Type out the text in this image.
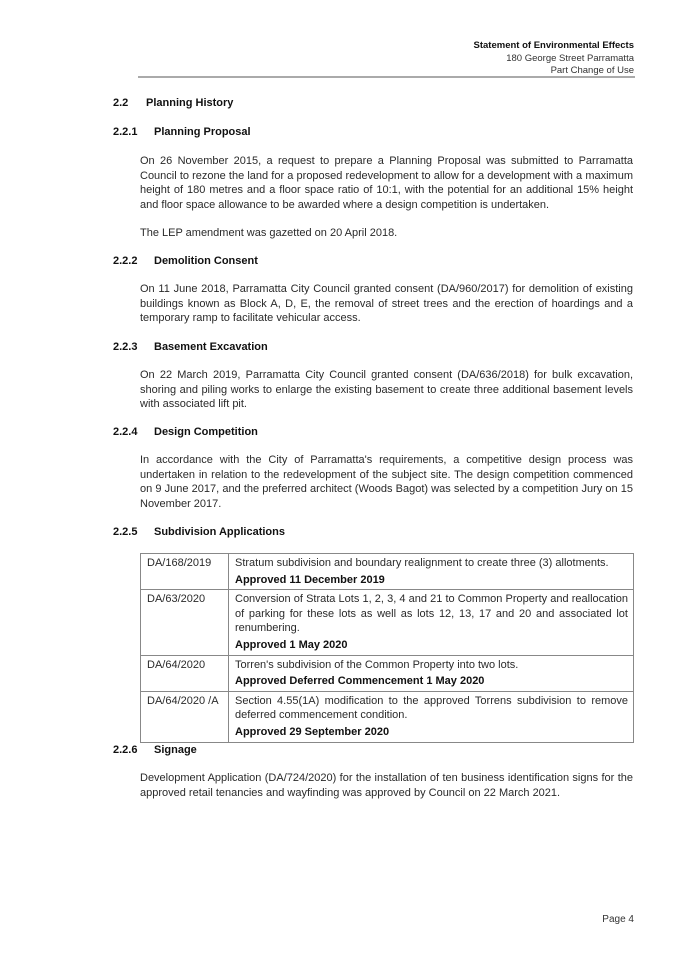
Statement of Environmental Effects
180 George Street Parramatta
Part Change of Use
2.2 Planning History
2.2.1 Planning Proposal
On 26 November 2015, a request to prepare a Planning Proposal was submitted to Parramatta Council to rezone the land for a proposed redevelopment to allow for a development with a maximum height of 180 metres and a floor space ratio of 10:1, with the potential for an additional 15% height and floor space allowance to be awarded where a design competition is undertaken.
The LEP amendment was gazetted on 20 April 2018.
2.2.2 Demolition Consent
On 11 June 2018, Parramatta City Council granted consent (DA/960/2017) for demolition of existing buildings known as Block A, D, E, the removal of street trees and the erection of hoardings and a temporary ramp to facilitate vehicular access.
2.2.3 Basement Excavation
On 22 March 2019, Parramatta City Council granted consent (DA/636/2018) for bulk excavation, shoring and piling works to enlarge the existing basement to create three additional basement levels with associated lift pit.
2.2.4 Design Competition
In accordance with the City of Parramatta's requirements, a competitive design process was undertaken in relation to the redevelopment of the subject site. The design competition commenced on 9 June 2017, and the preferred architect (Woods Bagot) was selected by a competition Jury on 15 November 2017.
2.2.5 Subdivision Applications
DA/168/2019	Stratum subdivision and boundary realignment to create three (3) allotments.
Approved 11 December 2019

DA/63/2020	Conversion of Strata Lots 1, 2, 3, 4 and 21 to Common Property and reallocation of parking for these lots as well as lots 12, 13, 17 and 20 and associated lot renumbering.
Approved 1 May 2020

DA/64/2020	Torren's subdivision of the Common Property into two lots.
Approved Deferred Commencement 1 May 2020

DA/64/2020 /A	Section 4.55(1A) modification to the approved Torrens subdivision to remove deferred commencement condition.
Approved 29 September 2020
2.2.6 Signage
Development Application (DA/724/2020) for the installation of ten business identification signs for the approved retail tenancies and wayfinding was approved by Council on 22 March 2021.
Page 4
